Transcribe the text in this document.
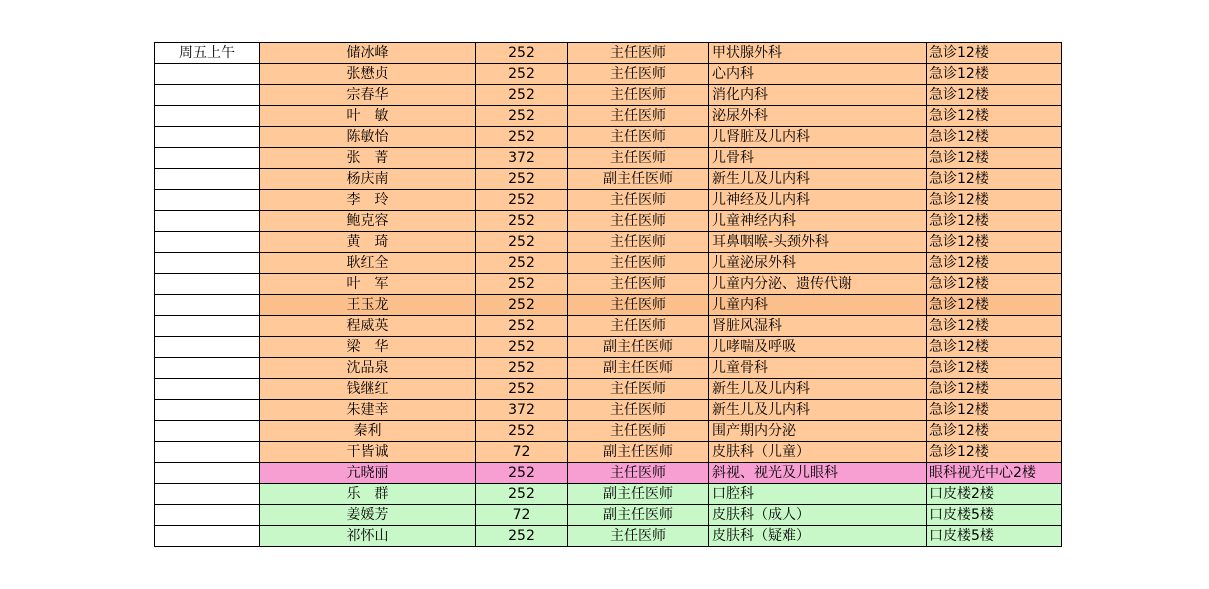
周五上午	储冰峰	252	主任医师	甲状腺外科	急诊12楼
	张懋贞	252	主任医师	心内科	急诊12楼
	宗春华	252	主任医师	消化内科	急诊12楼
	叶　敏	252	主任医师	泌尿外科	急诊12楼
	陈敏怡	252	主任医师	儿肾脏及儿内科	急诊12楼
	张　菁	372	主任医师	儿骨科	急诊12楼
	杨庆南	252	副主任医师	新生儿及儿内科	急诊12楼
	李　玲	252	主任医师	儿神经及儿内科	急诊12楼
	鲍克容	252	主任医师	儿童神经内科	急诊12楼
	黄　琦	252	主任医师	耳鼻咽喉-头颈外科	急诊12楼
	耿红全	252	主任医师	儿童泌尿外科	急诊12楼
	叶　军	252	主任医师	儿童内分泌、遗传代谢	急诊12楼
	王玉龙	252	主任医师	儿童内科	急诊12楼
	程威英	252	主任医师	肾脏风湿科	急诊12楼
	梁　华	252	副主任医师	儿哮喘及呼吸	急诊12楼
	沈品泉	252	副主任医师	儿童骨科	急诊12楼
	钱继红	252	主任医师	新生儿及儿内科	急诊12楼
	朱建幸	372	主任医师	新生儿及儿内科	急诊12楼
	秦利	252	主任医师	围产期内分泌	急诊12楼
	干皆诚	72	副主任医师	皮肤科（儿童）	急诊12楼
	亢晓丽	252	主任医师	斜视、视光及儿眼科	眼科视光中心2楼
	乐　群	252	副主任医师	口腔科	口皮楼2楼
	姜媛芳	72	副主任医师	皮肤科（成人）	口皮楼5楼
	祁怀山	252	主任医师	皮肤科（疑难）	口皮楼5楼
